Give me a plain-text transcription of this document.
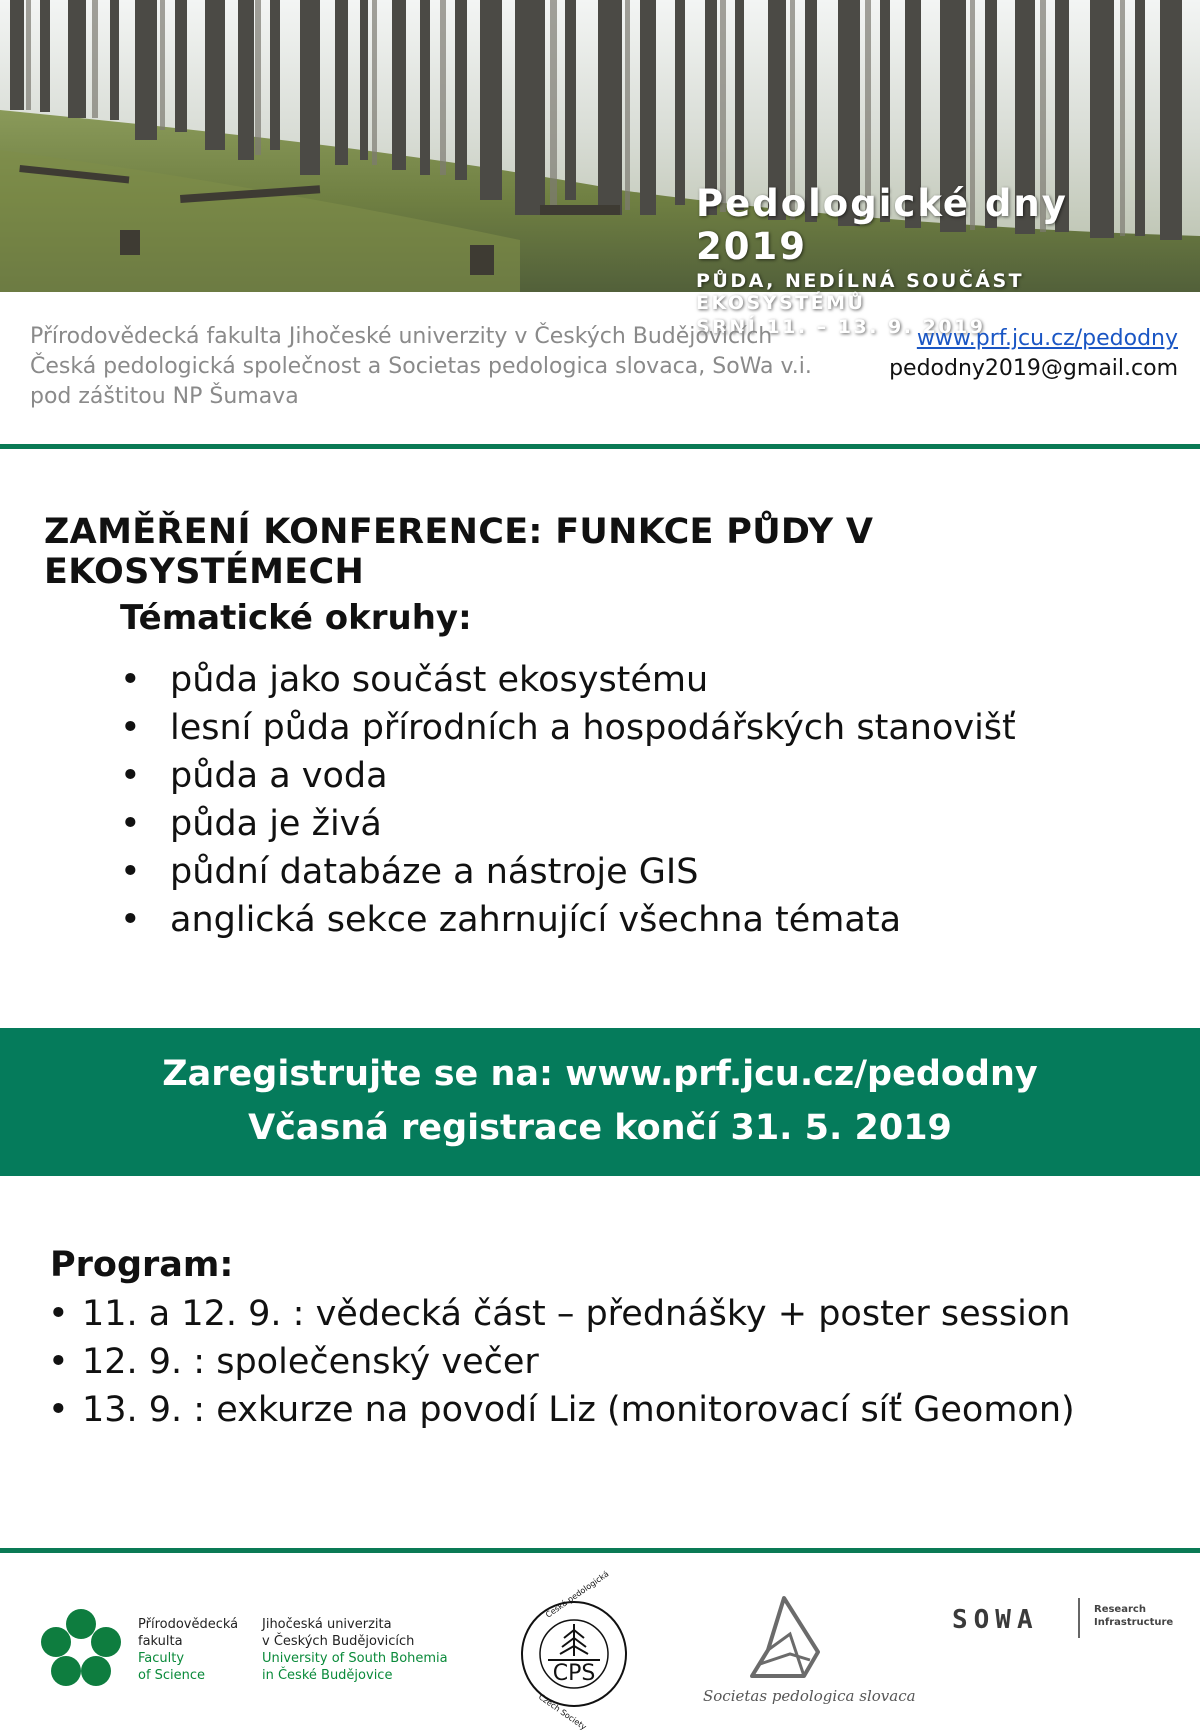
Pedologické dny 2019
PŮDA, NEDÍLNÁ SOUČÁST EKOSYSTÉMŮ
SRNÍ 11. – 13. 9. 2019
Přírodovědecká fakulta Jihočeské univerzity v Českých Budějovicích
Česká pedologická společnost a Societas pedologica slovaca, SoWa v.i.
pod záštitou NP Šumava
www.prf.jcu.cz/pedodny
pedodny2019@gmail.com
ZAMĚŘENÍ KONFERENCE: FUNKCE PŮDY V EKOSYSTÉMECH
Tématické okruhy:
• půda jako součást ekosystému
• lesní půda přírodních a hospodářských stanovišť
• půda a voda
• půda je živá
• půdní databáze a nástroje GIS
• anglická sekce zahrnující všechna témata
Zaregistrujte se na: www.prf.jcu.cz/pedodny
Včasná registrace končí 31. 5. 2019
Program:
• 11. a 12. 9. : vědecká část – přednášky + poster session
• 12. 9. : společenský večer
• 13. 9. : exkurze na povodí Liz (monitorovací síť Geomon)
Přírodovědecká
fakulta
Faculty
of Science
Jihočeská univerzita
v Českých Budějovicích
University of South Bohemia
in České Budějovice	CPS
Česká pedologická
Czech Society	Societas pedologica slovaca
SOWA	Research
Infrastructure
